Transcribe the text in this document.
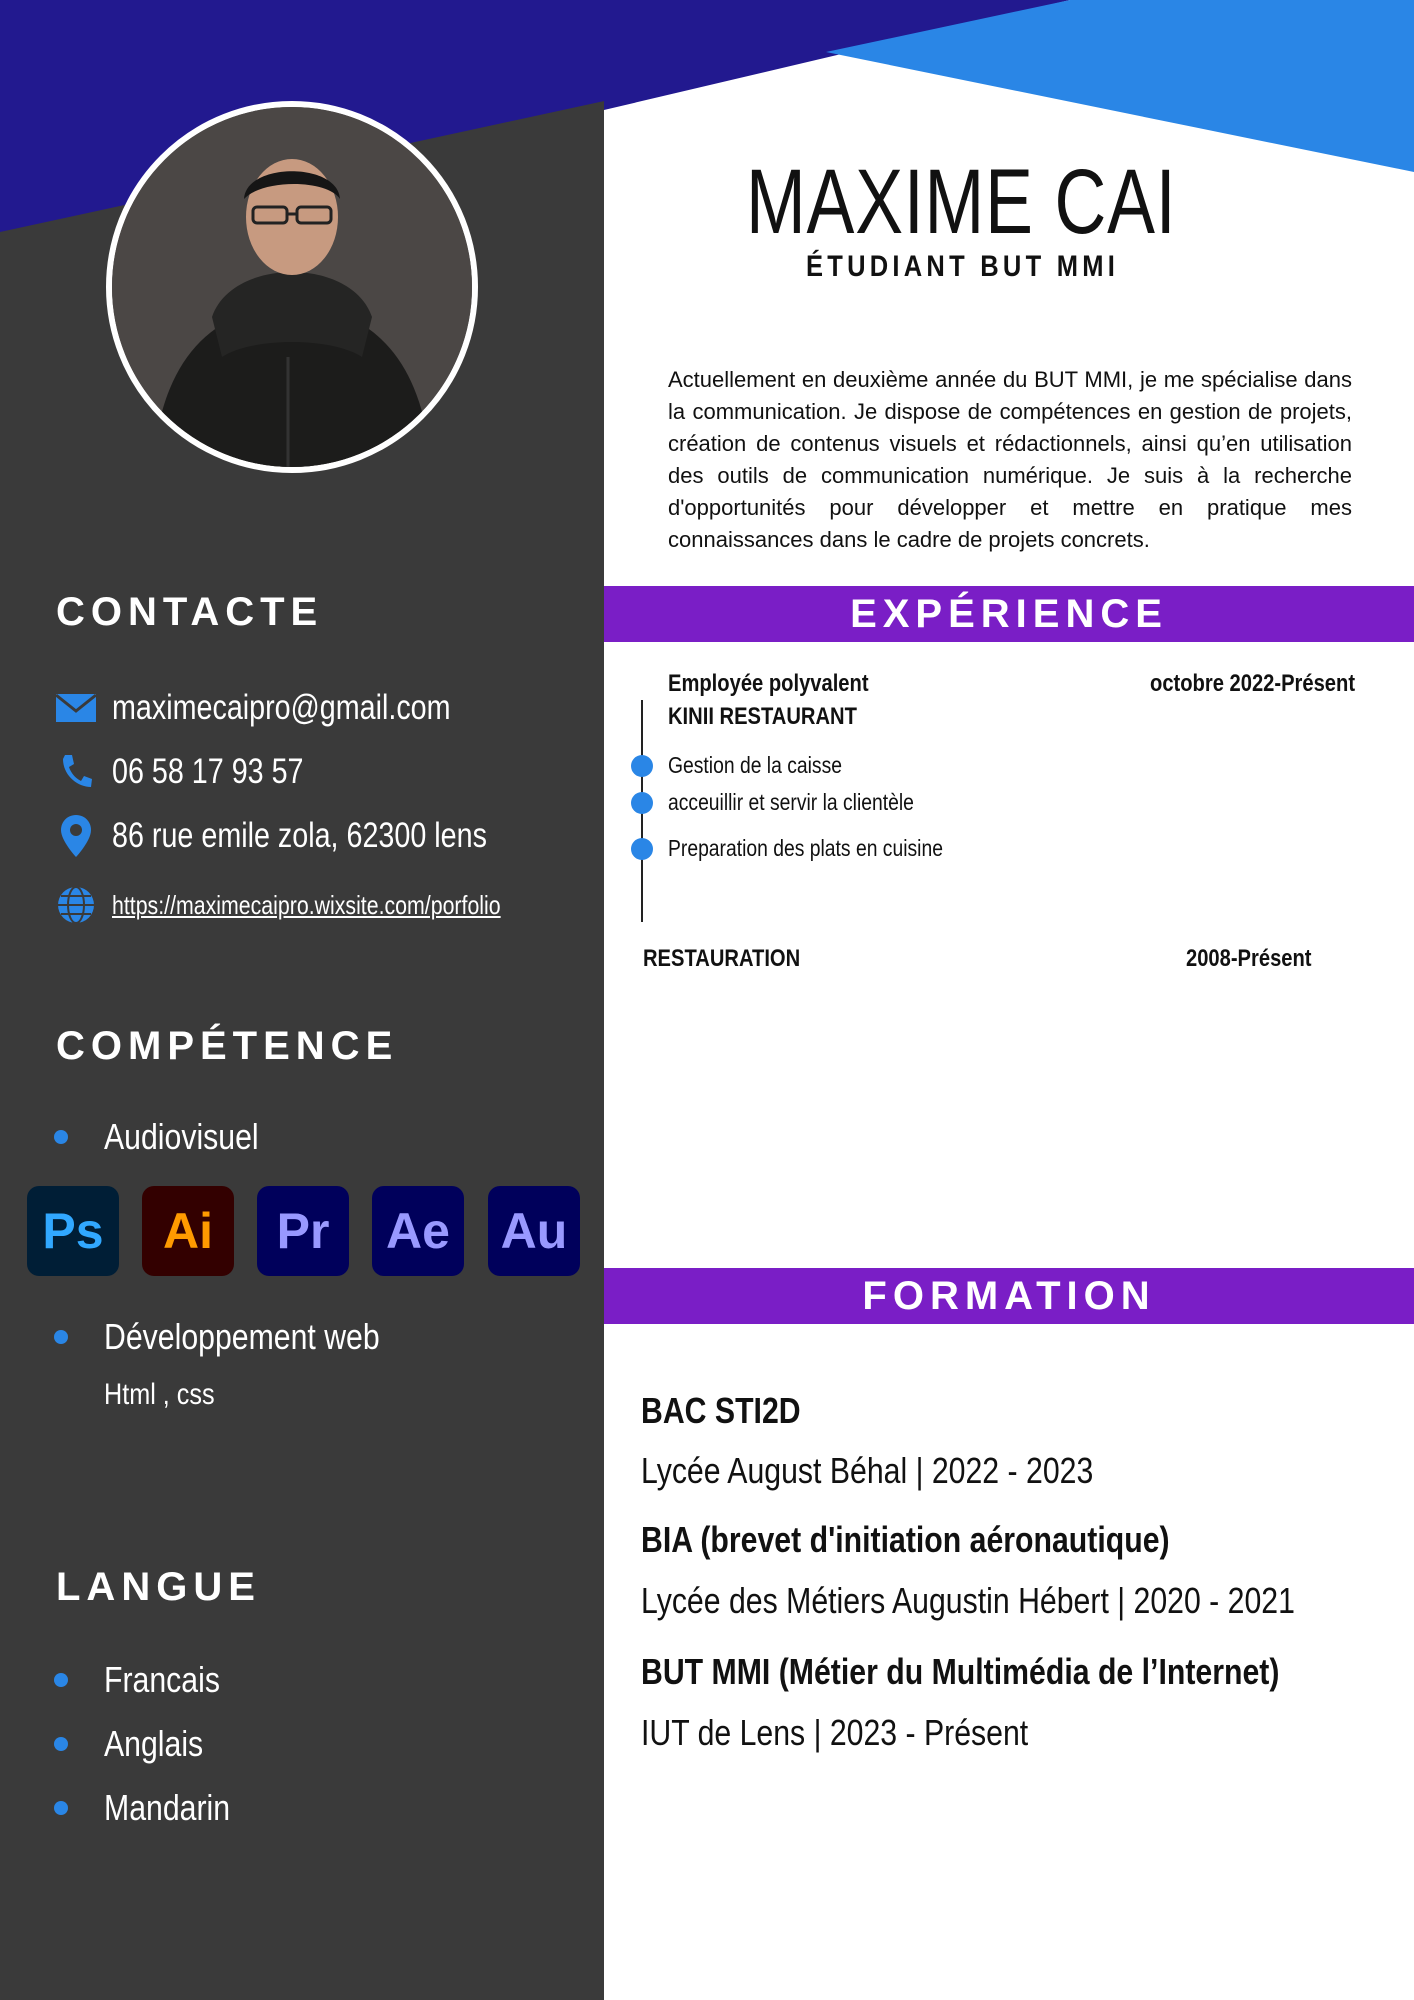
CONTACTE
maximecaipro@gmail.com
06 58 17 93 57
86 rue emile zola, 62300 lens
https://maximecaipro.wixsite.com/porfolio
COMPÉTENCE
Audiovisuel
Ps Ai Pr Ae Au
Développement web
Html , css
LANGUE
Francais
Anglais
Mandarin
MAXIME CAI
ÉTUDIANT BUT MMI
Actuellement en deuxième année du BUT MMI, je me spécialise dans la communication. Je dispose de compétences en gestion de projets, création de contenus visuels et rédactionnels, ainsi qu’en utilisation des outils de communication numérique. Je suis à la recherche d'opportunités pour développer et mettre en pratique mes connaissances dans le cadre de projets concrets.
EXPÉRIENCE
Employée polyvalent	octobre 2022-Présent
KINII RESTAURANT
Gestion de la caisse
acceuillir et servir la clientèle
Preparation des plats en cuisine
RESTAURATION	2008-Présent
FORMATION
BAC STI2D
Lycée August Béhal | 2022 - 2023
BIA (brevet d'initiation aéronautique)
Lycée des Métiers Augustin Hébert | 2020 - 2021
BUT MMI (Métier du Multimédia de l’Internet)
IUT de Lens | 2023 - Présent
